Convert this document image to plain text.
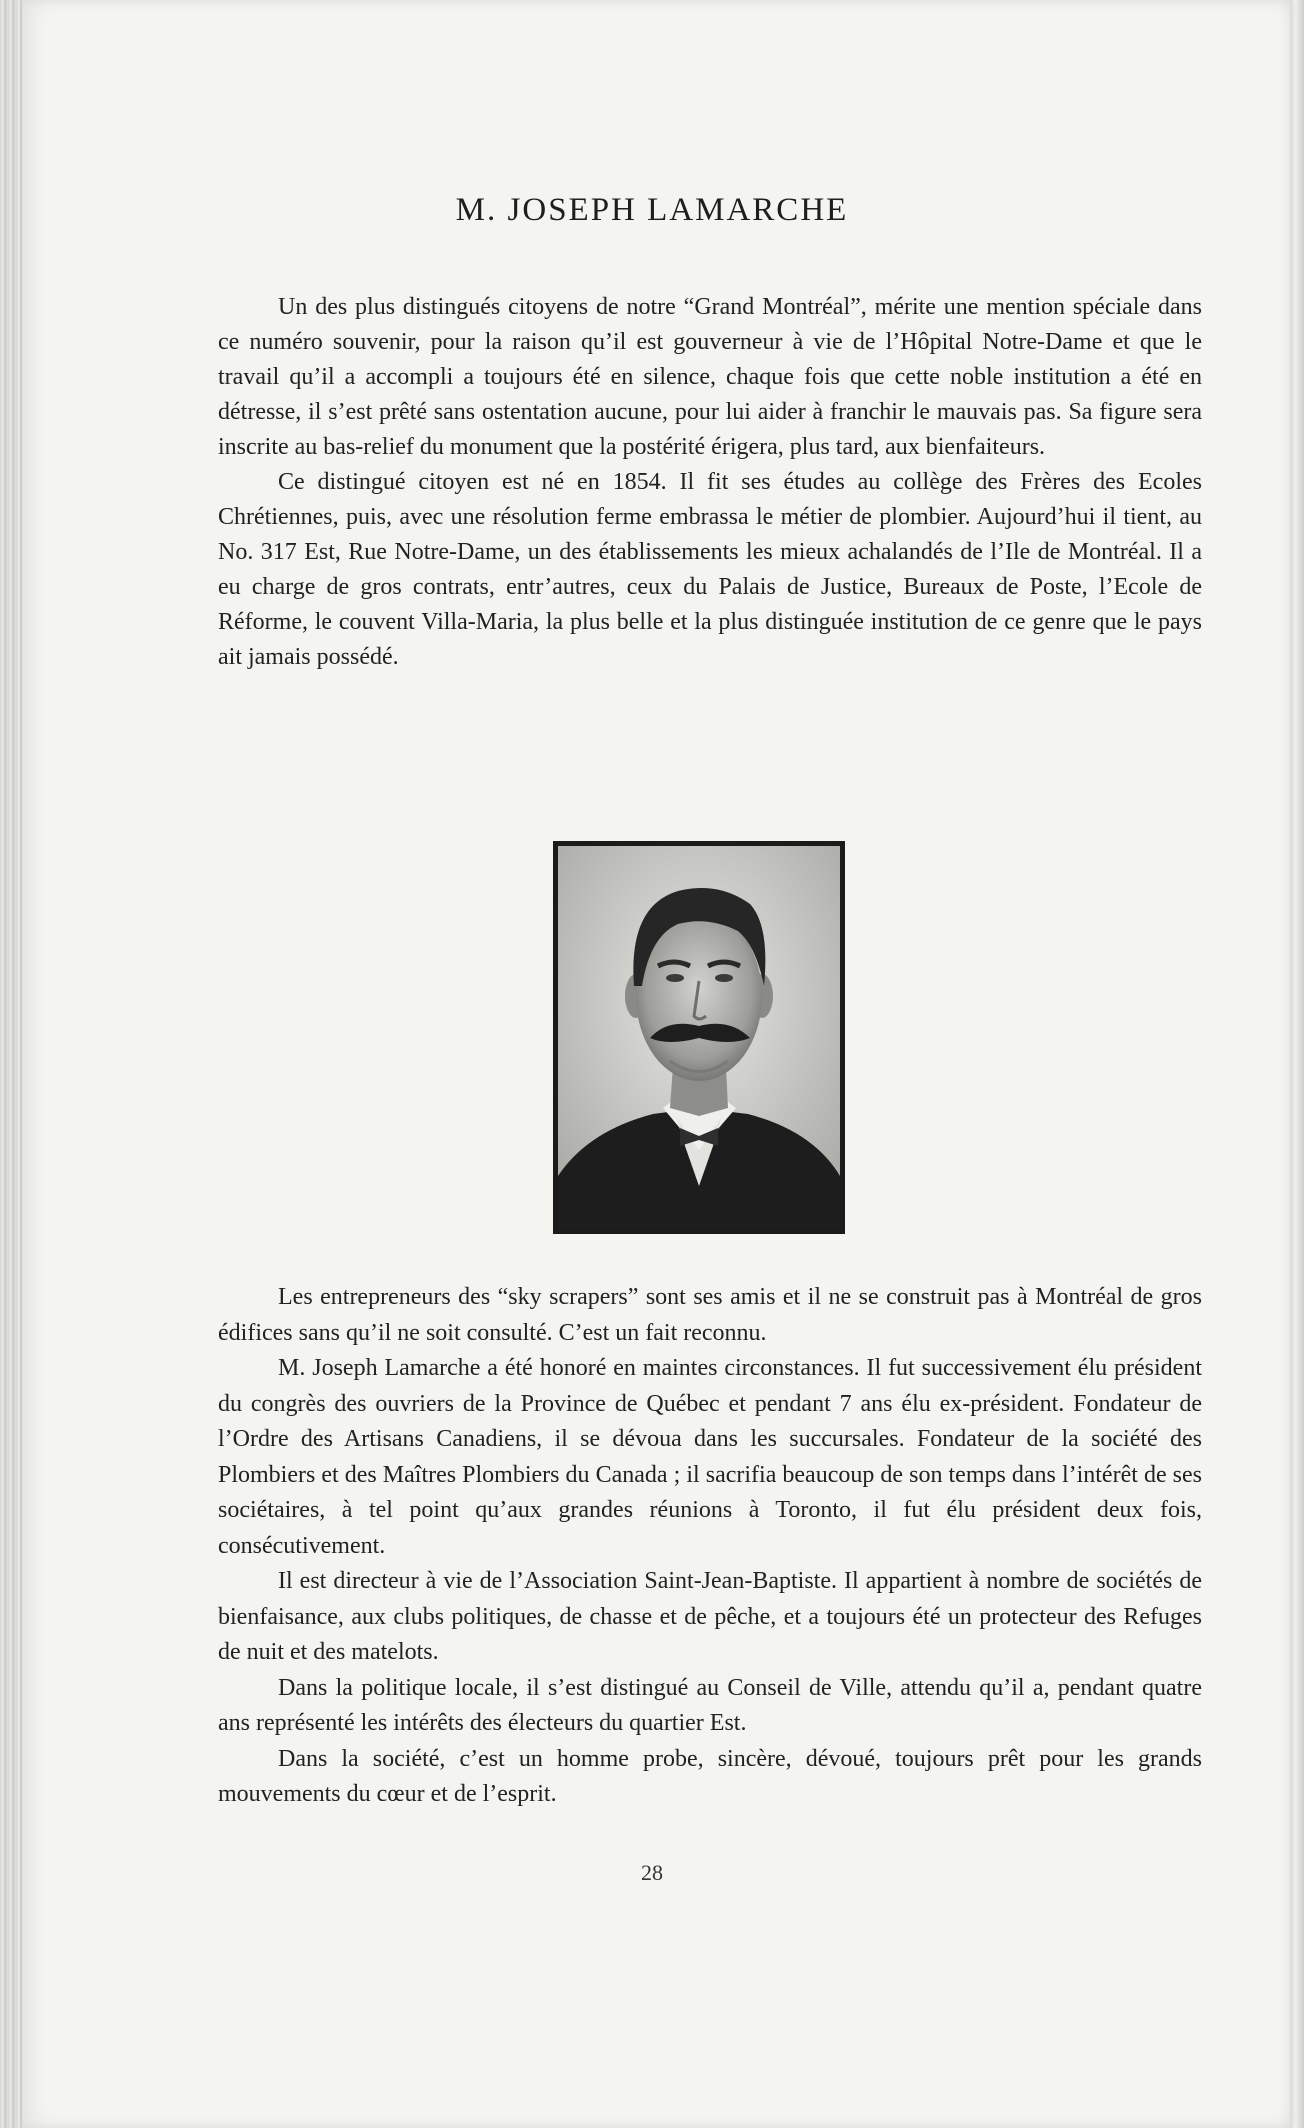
M. JOSEPH LAMARCHE

Un des plus distingués citoyens de notre “Grand Montréal”, mérite une mention spéciale dans ce numéro souvenir, pour la raison qu’il est gouverneur à vie de l’Hôpital Notre-Dame et que le travail qu’il a accompli a toujours été en silence, chaque fois que cette noble institution a été en détresse, il s’est prêté sans ostentation aucune, pour lui aider à franchir le mauvais pas. Sa figure sera inscrite au bas-relief du monument que la postérité érigera, plus tard, aux bienfaiteurs.

Ce distingué citoyen est né en 1854. Il fit ses études au collège des Frères des Ecoles Chrétiennes, puis, avec une résolution ferme embrassa le métier de plombier. Aujourd’hui il tient, au No. 317 Est, Rue Notre-Dame, un des établissements les mieux achalandés de l’Ile de Montréal. Il a eu charge de gros contrats, entr’autres, ceux du Palais de Justice, Bureaux de Poste, l’Ecole de Réforme, le couvent Villa-Maria, la plus belle et la plus distinguée institution de ce genre que le pays ait jamais possédé.

Les entrepreneurs des “sky scrapers” sont ses amis et il ne se construit pas à Montréal de gros édifices sans qu’il ne soit consulté. C’est un fait reconnu.

M. Joseph Lamarche a été honoré en maintes circonstances. Il fut successivement élu président du congrès des ouvriers de la Province de Québec et pendant 7 ans élu ex-président. Fondateur de l’Ordre des Artisans Canadiens, il se dévoua dans les succursales. Fondateur de la société des Plombiers et des Maîtres Plombiers du Canada ; il sacrifia beaucoup de son temps dans l’intérêt de ses sociétaires, à tel point qu’aux grandes réunions à Toronto, il fut élu président deux fois, consécutivement.

Il est directeur à vie de l’Association Saint-Jean-Baptiste. Il appartient à nombre de sociétés de bienfaisance, aux clubs politiques, de chasse et de pêche, et a toujours été un protecteur des Refuges de nuit et des matelots.

Dans la politique locale, il s’est distingué au Conseil de Ville, attendu qu’il a, pendant quatre ans représenté les intérêts des électeurs du quartier Est.

Dans la société, c’est un homme probe, sincère, dévoué, toujours prêt pour les grands mouvements du cœur et de l’esprit.

28
